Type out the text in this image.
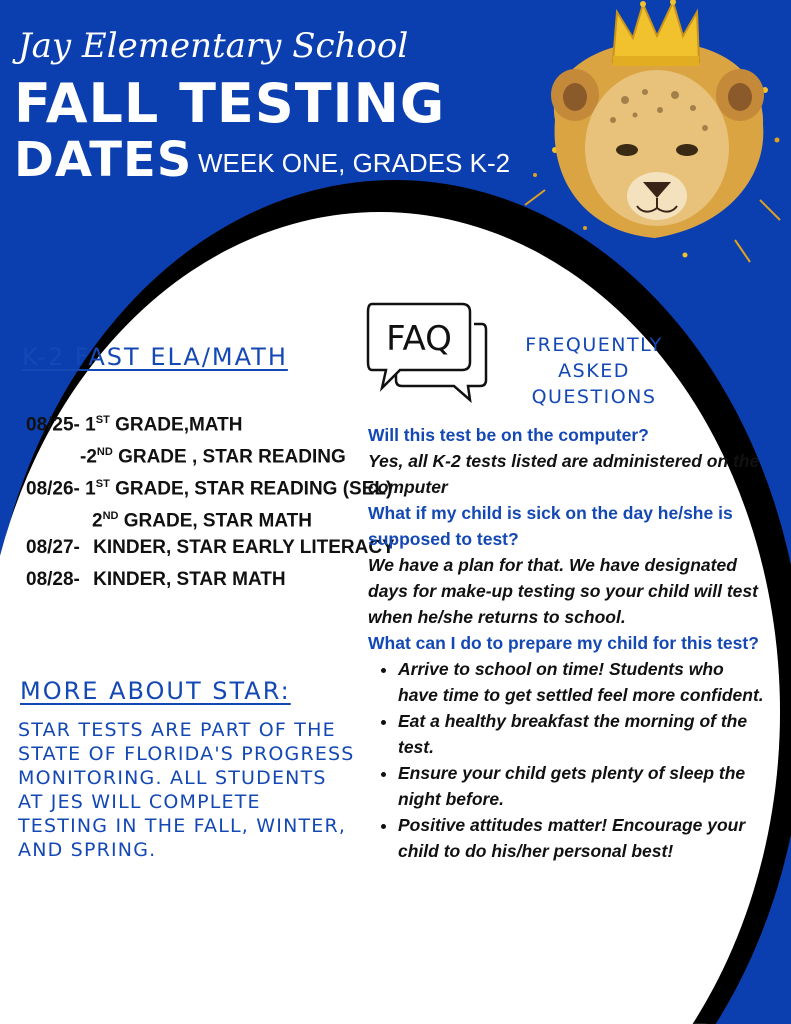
Jay Elementary School
FALL TESTING
DATES WEEK ONE, GRADES K-2
K-2 FAST ELA/MATH
08/25- 1ST GRADE,MATH
-2ND GRADE , STAR READING
08/26- 1ST GRADE, STAR READING (SEL)
2ND GRADE, STAR MATH
08/27- KINDER, STAR EARLY LITERACY
08/28- KINDER, STAR MATH
MORE ABOUT STAR:
STAR TESTS ARE PART OF THE STATE OF FLORIDA'S PROGRESS MONITORING. ALL STUDENTS AT JES WILL COMPLETE TESTING IN THE FALL, WINTER, AND SPRING.
FAQ	FREQUENTLY
ASKED QUESTIONS
Will this test be on the computer?
Yes, all K-2 tests listed are administered on the computer
What if my child is sick on the day he/she is supposed to test?
We have a plan for that. We have designated days for make-up testing so your child will test when he/she returns to school.
What can I do to prepare my child for this test?
• Arrive to school on time! Students who have time to get settled feel more confident.
• Eat a healthy breakfast the morning of the test.
• Ensure your child gets plenty of sleep the night before.
• Positive attitudes matter! Encourage your child to do his/her personal best!
